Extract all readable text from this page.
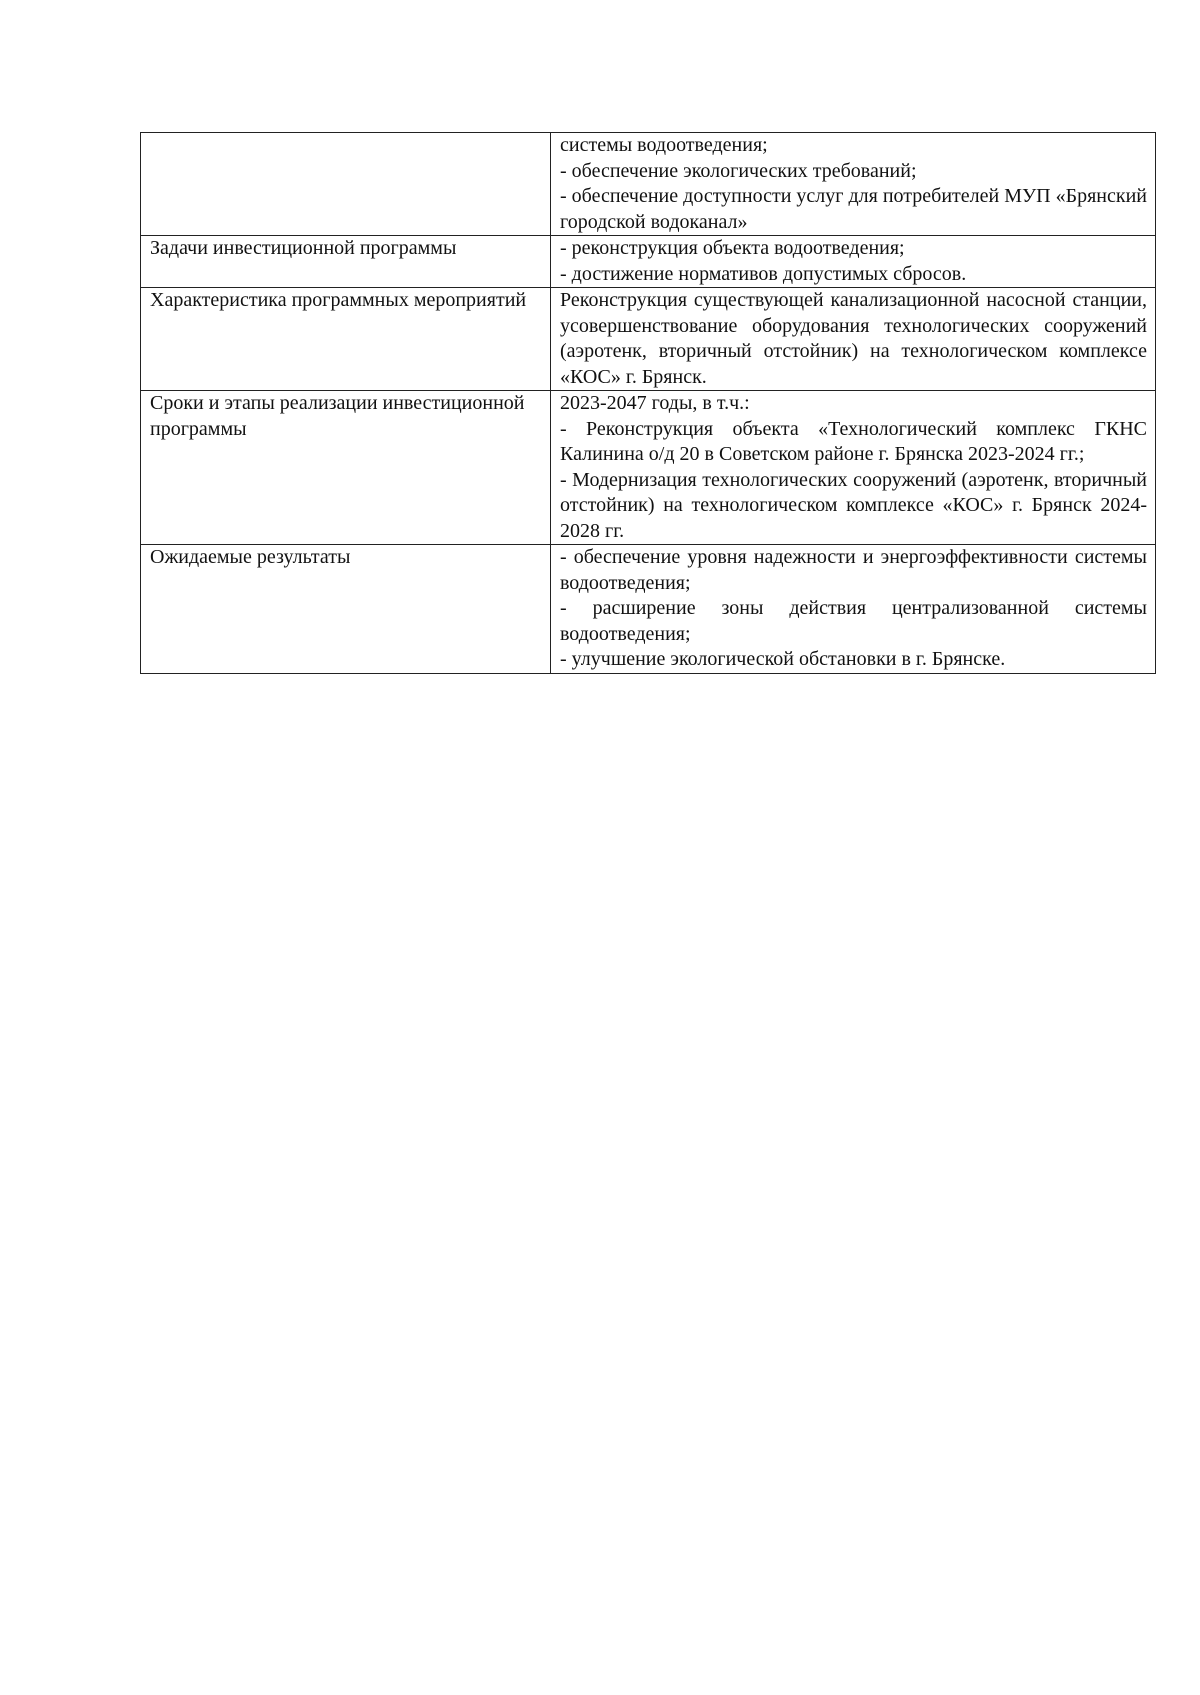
	системы водоотведения;
- обеспечение экологических требований;
- обеспечение доступности услуг для потребителей МУП «Брянский городской водоканал»

Задачи инвестиционной программы	- реконструкция объекта водоотведения;
- достижение нормативов допустимых сбросов.

Характеристика программных мероприятий	Реконструкция существующей канализационной насосной станции, усовершенствование оборудования технологических сооружений (аэротенк, вторичный отстойник) на технологическом комплексе «КОС» г. Брянск.

Сроки и этапы реализации инвестиционной программы	2023-2047 годы, в т.ч.:
- Реконструкция объекта «Технологический комплекс ГКНС Калинина о/д 20 в Советском районе г. Брянска 2023-2024 гг.;
- Модернизация технологических сооружений (аэротенк, вторичный отстойник) на технологическом комплексе «КОС» г. Брянск 2024-2028 гг.

Ожидаемые результаты	- обеспечение уровня надежности и энергоэффективности системы водоотведения;
- расширение зоны действия централизованной системы водоотведения;
- улучшение экологической обстановки в г. Брянске.
